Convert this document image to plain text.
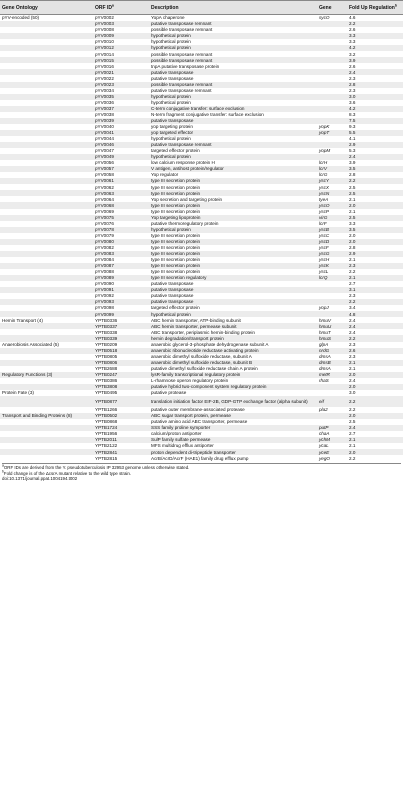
Gene Ontology	ORF $ID^a$	Description	Gene	Fold Up Regulation$^b$
pYV-encoded (50)	pYV0002	YopA chaperone	sycO	4.6
	pYV0003	putative transposase remnant		2.2
	pYV0008	possible transposase remnant		2.6
	pYV0009	hypothetical protein		3.3
	pYV0010	hypothetical protein		3.3
	pYV0012	hypothetical protein		4.2
	pYV0014	possible transposase remnant		3.2
	pYV0015	possible transposase remnant		3.9
	pYV0016	tnpA putative transposase protein		2.6
	pYV0021	putative transposase		2.4
	pYV0022	putative transposase		2.3
	pYV0023	possible transposase remnant		2.8
	pYV0034	putative transposase remnant		2.3
	pYV0035	hypothetical protein		3.0
	pYV0036	hypothetical protein		3.6
	pYV0037	C-term conjugative transfer: surface exclusion		4.2
	pYV0038	N-term fragment conjugative transfer: surface exclusion		8.3
	pYV0039	putative transposase		7.5
	pYV0040	yop targeting protein	yopK	9.3
	pYV0041	yop targeted effector	yopT	5.5
	pYV0044	hypothetical protein		4.1
	pYV0046	putative transposase remnant		2.9
	pYV0047	targeted effector protein	yopM	5.3
	pYV0049	hypothetical protein		2.4
	pYV0056	low calcium response protein H	lcrH	3.9
	pYV0057	V antigen, antihost protein/regulator	lcrV	3.5
	pYV0058	Yop regulator	lcrG	2.8
	pYV0061	type III secretion protein	yscY	2.2
	pYV0062	type III secretion protein	yscX	2.5
	pYV0063	type III secretion protein	yscN	2.5
	pYV0064	Yop secretion and targeting protein	tyeA	2.1
	pYV0068	type III secretion protein	yscO	2.0
	pYV0069	type III secretion protein	yscP	2.1
	pYV0075	Yop targeting lipoprotein	virG	2.5
	pYV0076	putative thermoregulatory protein	lcrF	3.3
	pYV0078	hypothetical protein	yscB	3.5
	pYV0079	type III secretion protein	yscC	2.0
	pYV0080	type III secretion protein	yscD	2.0
	pYV0082	type III secretion protein	yscF	2.8
	pYV0083	type III secretion protein	yscG	2.9
	pYV0084	type III secretion protein	yscH	2.1
	pYV0087	type III secretion protein	yscK	2.3
	pYV0088	type III secretion protein	yscL	2.2
	pYV0089	type III secretion regulatory	lcrQ	2.1
	pYV0090	putative transposase		2.7
	pYV0091	putative transposase		3.1
	pYV0092	putative transposase		2.3
	pYV0093	putative transposase		2.2
	pYV0098	targeted effector protein	yopJ	3.4
	pYV0099	hypothetical protein		4.8
Hemin Transport (4)	YPTB0336	ABC hemin transporter, ATP-binding subunit	hmuV	2.4
	YPTB0337	ABC hemin transporter, permease subunit	hmuU	2.4
	YPTB0338	ABC transporter, periplasmic hemin-binding protein	hmuT	2.4
	YPTB0339	hemin degradation/transport protein	hmuS	2.2
Anaerobiosis Associated (5)	YPTB0209	anaerobic glycerol-3-phosphate dehydrogenase subunit A	glpA	2.3
	YPTB0518	anaerobic ribonucleotide reductase activating protein	nrdG	2.6
	YPTB0805	anaerobic dimethyl sulfoxide reductase, subunit A	dmsA	2.3
	YPTB0806	anaerobic dimethyl sulfoxide reductase, subunit B	dmsB	2.1
	YPTB2688	putative dimethyl sulfoxide reductase chain A protein	dmsA	2.1
Regulatory Functions (3)	YPTB0247	lysR-family transcriptional regulatory protein	metR	2.0
	YPTB0386	L-rhamnose operon regulatory protein	rhaS	2.4
	YPTB3808	putative hybrid two-component system regulatory protein		2.0
Protein Fate (3)	YPTB0495	putative protease		3.0
	YPTB0877	translation initiation factor EIF-2B, GDP-GTP exchange factor (alpha subunit)	eif	2.2
	YPTB1266	putative outer membrane-associated protease	pla2	2.2
Transport and Binding Proteins (8)	YPTB0502	ABC sugar transport protein, permease		2.0
	YPTB0868	putative amino acid ABC transporter, permease		2.5
	YPTB1724	SSS family proline symporter	putP	2.4
	YPTB1956	calcium/proton antiporter	chaA	2.7
	YPTB2011	SulP family sulfate permease	ychM	2.1
	YPTB2122	MFS multidrug efflux antiporter	ycaL	2.1
	YPTB2841	proton dependent di-tripeptide transporter	yceE	2.0
	YPTB2815	AcrB/AcrD/AcrF (HAE1) family drug efflux pump	yegO	2.2
$^a$ORF IDs are derived from the Y. pseudotuberculosis IP 32953 genome unless otherwise stated.
$^b$Fold change is of the ΔcsrA mutant relative to the wild type strain.
doi:10.1371/journal.ppat.1004194.t002
